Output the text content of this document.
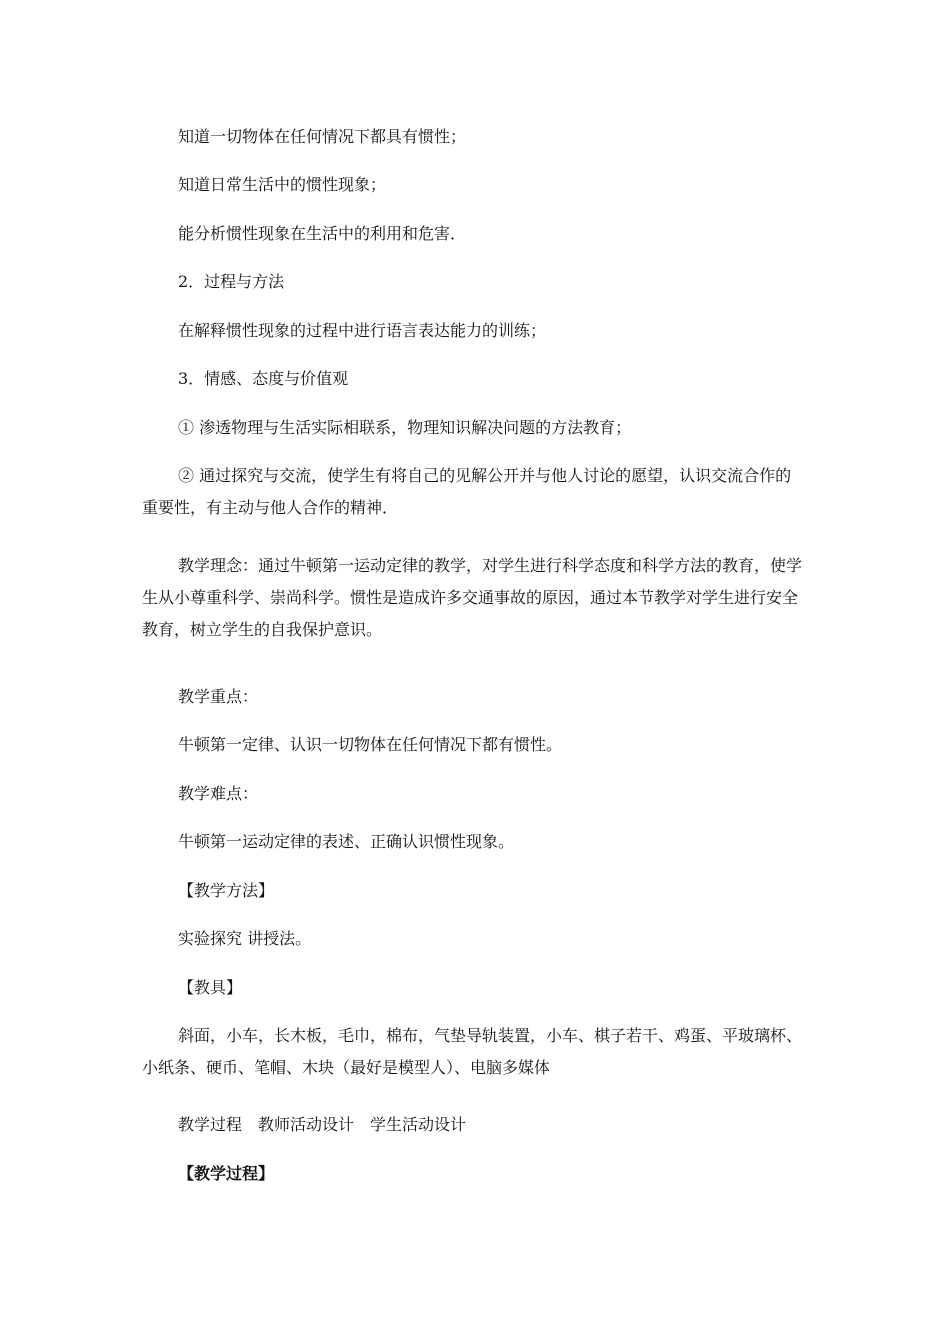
知道一切物体在任何情况下都具有惯性；

知道日常生活中的惯性现象；

能分析惯性现象在生活中的利用和危害．

2．过程与方法

在解释惯性现象的过程中进行语言表达能力的训练；

3．情感、态度与价值观

① 渗透物理与生活实际相联系，物理知识解决问题的方法教育；

② 通过探究与交流，使学生有将自己的见解公开并与他人讨论的愿望，认识交流合作的重要性，有主动与他人合作的精神．

教学理念：通过牛顿第一运动定律的教学，对学生进行科学态度和科学方法的教育，使学生从小尊重科学、崇尚科学。惯性是造成许多交通事故的原因，通过本节教学对学生进行安全教育，树立学生的自我保护意识。

教学重点：

牛顿第一定律、认识一切物体在任何情况下都有惯性。

教学难点：

牛顿第一运动定律的表述、正确认识惯性现象。

【教学方法】

实验探究 讲授法。

【教具】

斜面，小车，长木板，毛巾，棉布，气垫导轨装置，小车、棋子若干、鸡蛋、平玻璃杯、小纸条、硬币、笔帽、木块（最好是模型人）、电脑多媒体

教学过程 教师活动设计 学生活动设计

【教学过程】
